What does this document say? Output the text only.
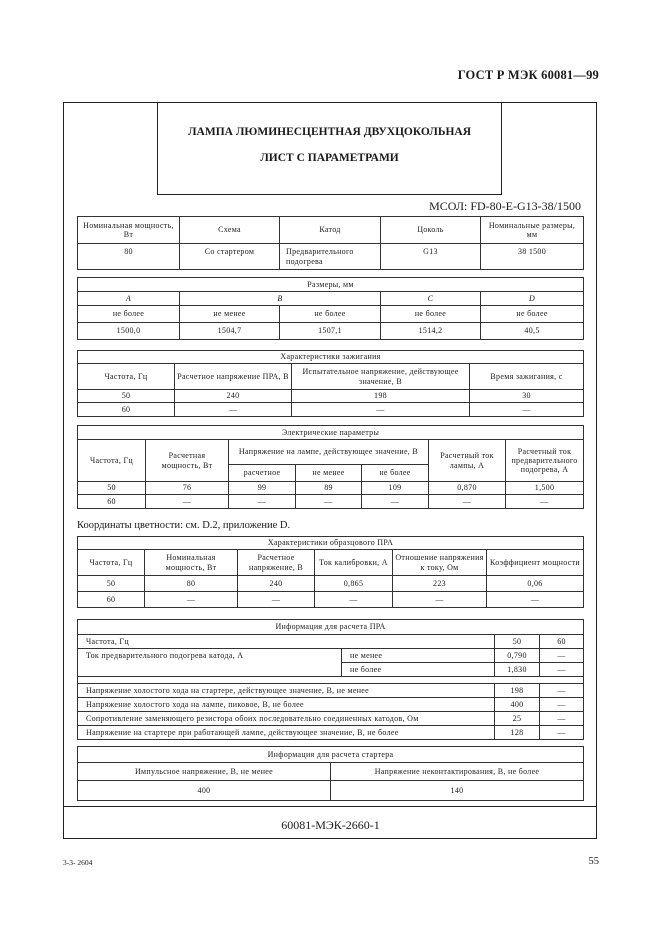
ГОСТ Р МЭК 60081—99
ЛАМПА ЛЮМИНЕСЦЕНТНАЯ ДВУХЦОКОЛЬНАЯ
ЛИСТ С ПАРАМЕТРАМИ
МСОЛ: FD-80-E-G13-38/1500
Номинальная мощность, Вт	Схема	Катод	Цоколь	Номинальные размеры, мм
80	Со стартером	Предварительного подогрева	G13	38 1500
Размеры, мм				
A	B		C	D
не более	не менее	не более	не более	не более
1500,0	1504,7	1507,1	1514,2	40,5
Характеристики зажигания			
Частота, Гц	Расчетное напряжение ПРА, В	Испытательное напряжение, действующее значение, В	Время зажигания, с
50	240	198	30
60	—	—	—
Электрические параметры						
Частота, Гц	Расчетная мощность, Вт	Напряжение на лампе, действующее значение, В			Расчетный ток лампы, А	Расчетный ток предварительного подогрева, А
		расчетное	не менее	не более		
50	76	99	89	109	0,870	1,500
60	—	—	—	—	—	—
Координаты цветности: см. D.2, приложение D.
Характеристики образцового ПРА					
Частота, Гц	Номинальная мощность, Вт	Расчетное напряжение, В	Ток калибровки, А	Отношение напряжения к току, Ом	Коэффициент мощности
50	80	240	0,865	223	0,06
60	—	—	—	—	—
Информация для расчета ПРА			
Частота, Гц		50	60
Ток предварительного подогрева катода, А	не менее	0,790	—
	не более	1,830	—

Напряжение холостого хода на стартере, действующее значение, В, не менее		198	—
Напряжение холостого хода на лампе, пиковое, В, не более		400	—
Сопротивление заменяющего резистора обоих последовательно соединенных катодов, Ом		25	—
Напряжение на стартере при работающей лампе, действующее значение, В, не более		128	—
Информация для расчета стартера	
Импульсное напряжение, В, не менее	Напряжение неконтактирования, В, не более
400	140
60081-МЭК-2660-1
3-3- 2604	55
